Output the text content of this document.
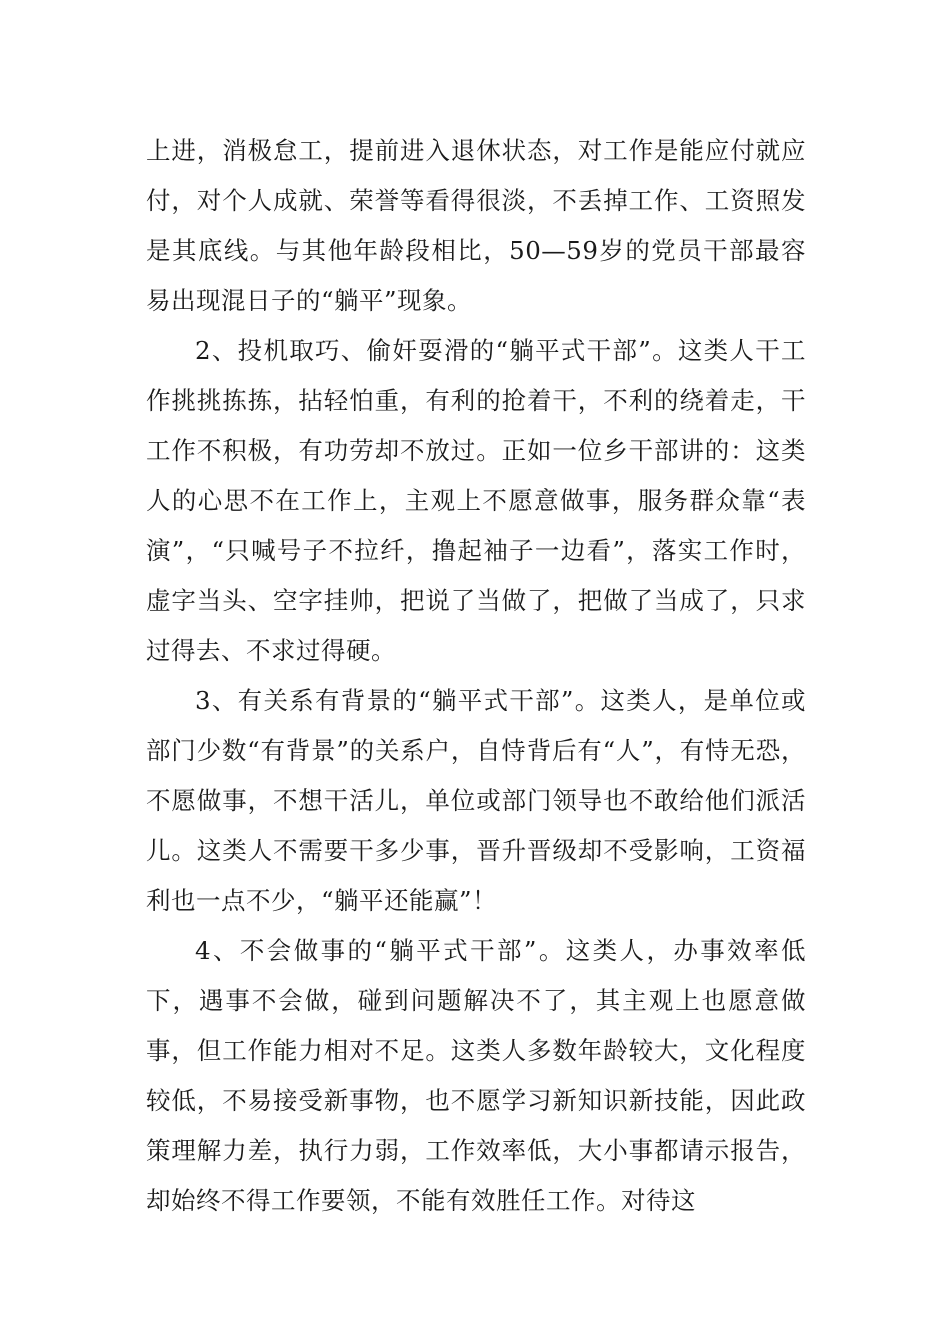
上进，消极怠工，提前进入退休状态，对工作是能应付就应付，对个人成就、荣誉等看得很淡，不丢掉工作、工资照发是其底线。与其他年龄段相比，50—59岁的党员干部最容易出现混日子的“躺平”现象。

2、投机取巧、偷奸耍滑的“躺平式干部”。这类人干工作挑挑拣拣，拈轻怕重，有利的抢着干，不利的绕着走，干工作不积极，有功劳却不放过。正如一位乡干部讲的：这类人的心思不在工作上，主观上不愿意做事，服务群众靠“表演”，“只喊号子不拉纤，撸起袖子一边看”，落实工作时，虚字当头、空字挂帅，把说了当做了，把做了当成了，只求过得去、不求过得硬。

3、有关系有背景的“躺平式干部”。这类人，是单位或部门少数“有背景”的关系户，自恃背后有“人”，有恃无恐，不愿做事，不想干活儿，单位或部门领导也不敢给他们派活儿。这类人不需要干多少事，晋升晋级却不受影响，工资福利也一点不少，“躺平还能赢”！

4、不会做事的“躺平式干部”。这类人，办事效率低下，遇事不会做，碰到问题解决不了，其主观上也愿意做事，但工作能力相对不足。这类人多数年龄较大，文化程度较低，不易接受新事物，也不愿学习新知识新技能，因此政策理解力差，执行力弱，工作效率低，大小事都请示报告，却始终不得工作要领，不能有效胜任工作。对待这
